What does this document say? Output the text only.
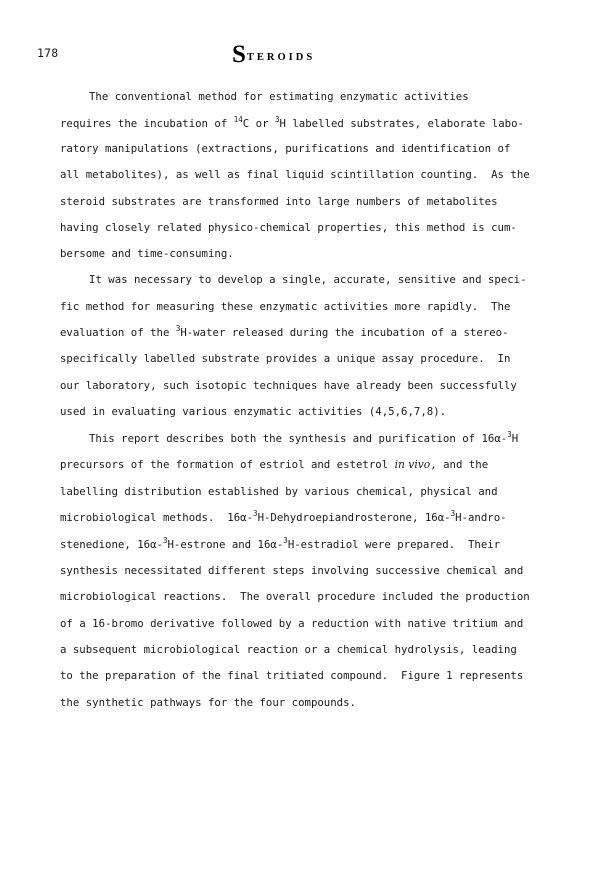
178	STEROIDS
The conventional method for estimating enzymatic activities
requires the incubation of $^{14}$C or $^3$H labelled substrates, elaborate labo-
ratory manipulations (extractions, purifications and identification of
all metabolites), as well as final liquid scintillation counting.  As the
steroid substrates are transformed into large numbers of metabolites
having closely related physico-chemical properties, this method is cum-
bersome and time-consuming.
It was necessary to develop a single, accurate, sensitive and speci-
fic method for measuring these enzymatic activities more rapidly.  The
evaluation of the $^3$H-water released during the incubation of a stereo-
specifically labelled substrate provides a unique assay procedure.  In
our laboratory, such isotopic techniques have already been successfully
used in evaluating various enzymatic activities (4,5,6,7,8).
This report describes both the synthesis and purification of 16α-$^3$H
precursors of the formation of estriol and estetrol in vivo, and the
labelling distribution established by various chemical, physical and
microbiological methods.  16α-$^3$H-Dehydroepiandrosterone, 16α-$^3$H-andro-
stenedione, 16α-$^3$H-estrone and 16α-$^3$H-estradiol were prepared.  Their
synthesis necessitated different steps involving successive chemical and
microbiological reactions.  The overall procedure included the production
of a 16-bromo derivative followed by a reduction with native tritium and
a subsequent microbiological reaction or a chemical hydrolysis, leading
to the preparation of the final tritiated compound.  Figure 1 represents
the synthetic pathways for the four compounds.
